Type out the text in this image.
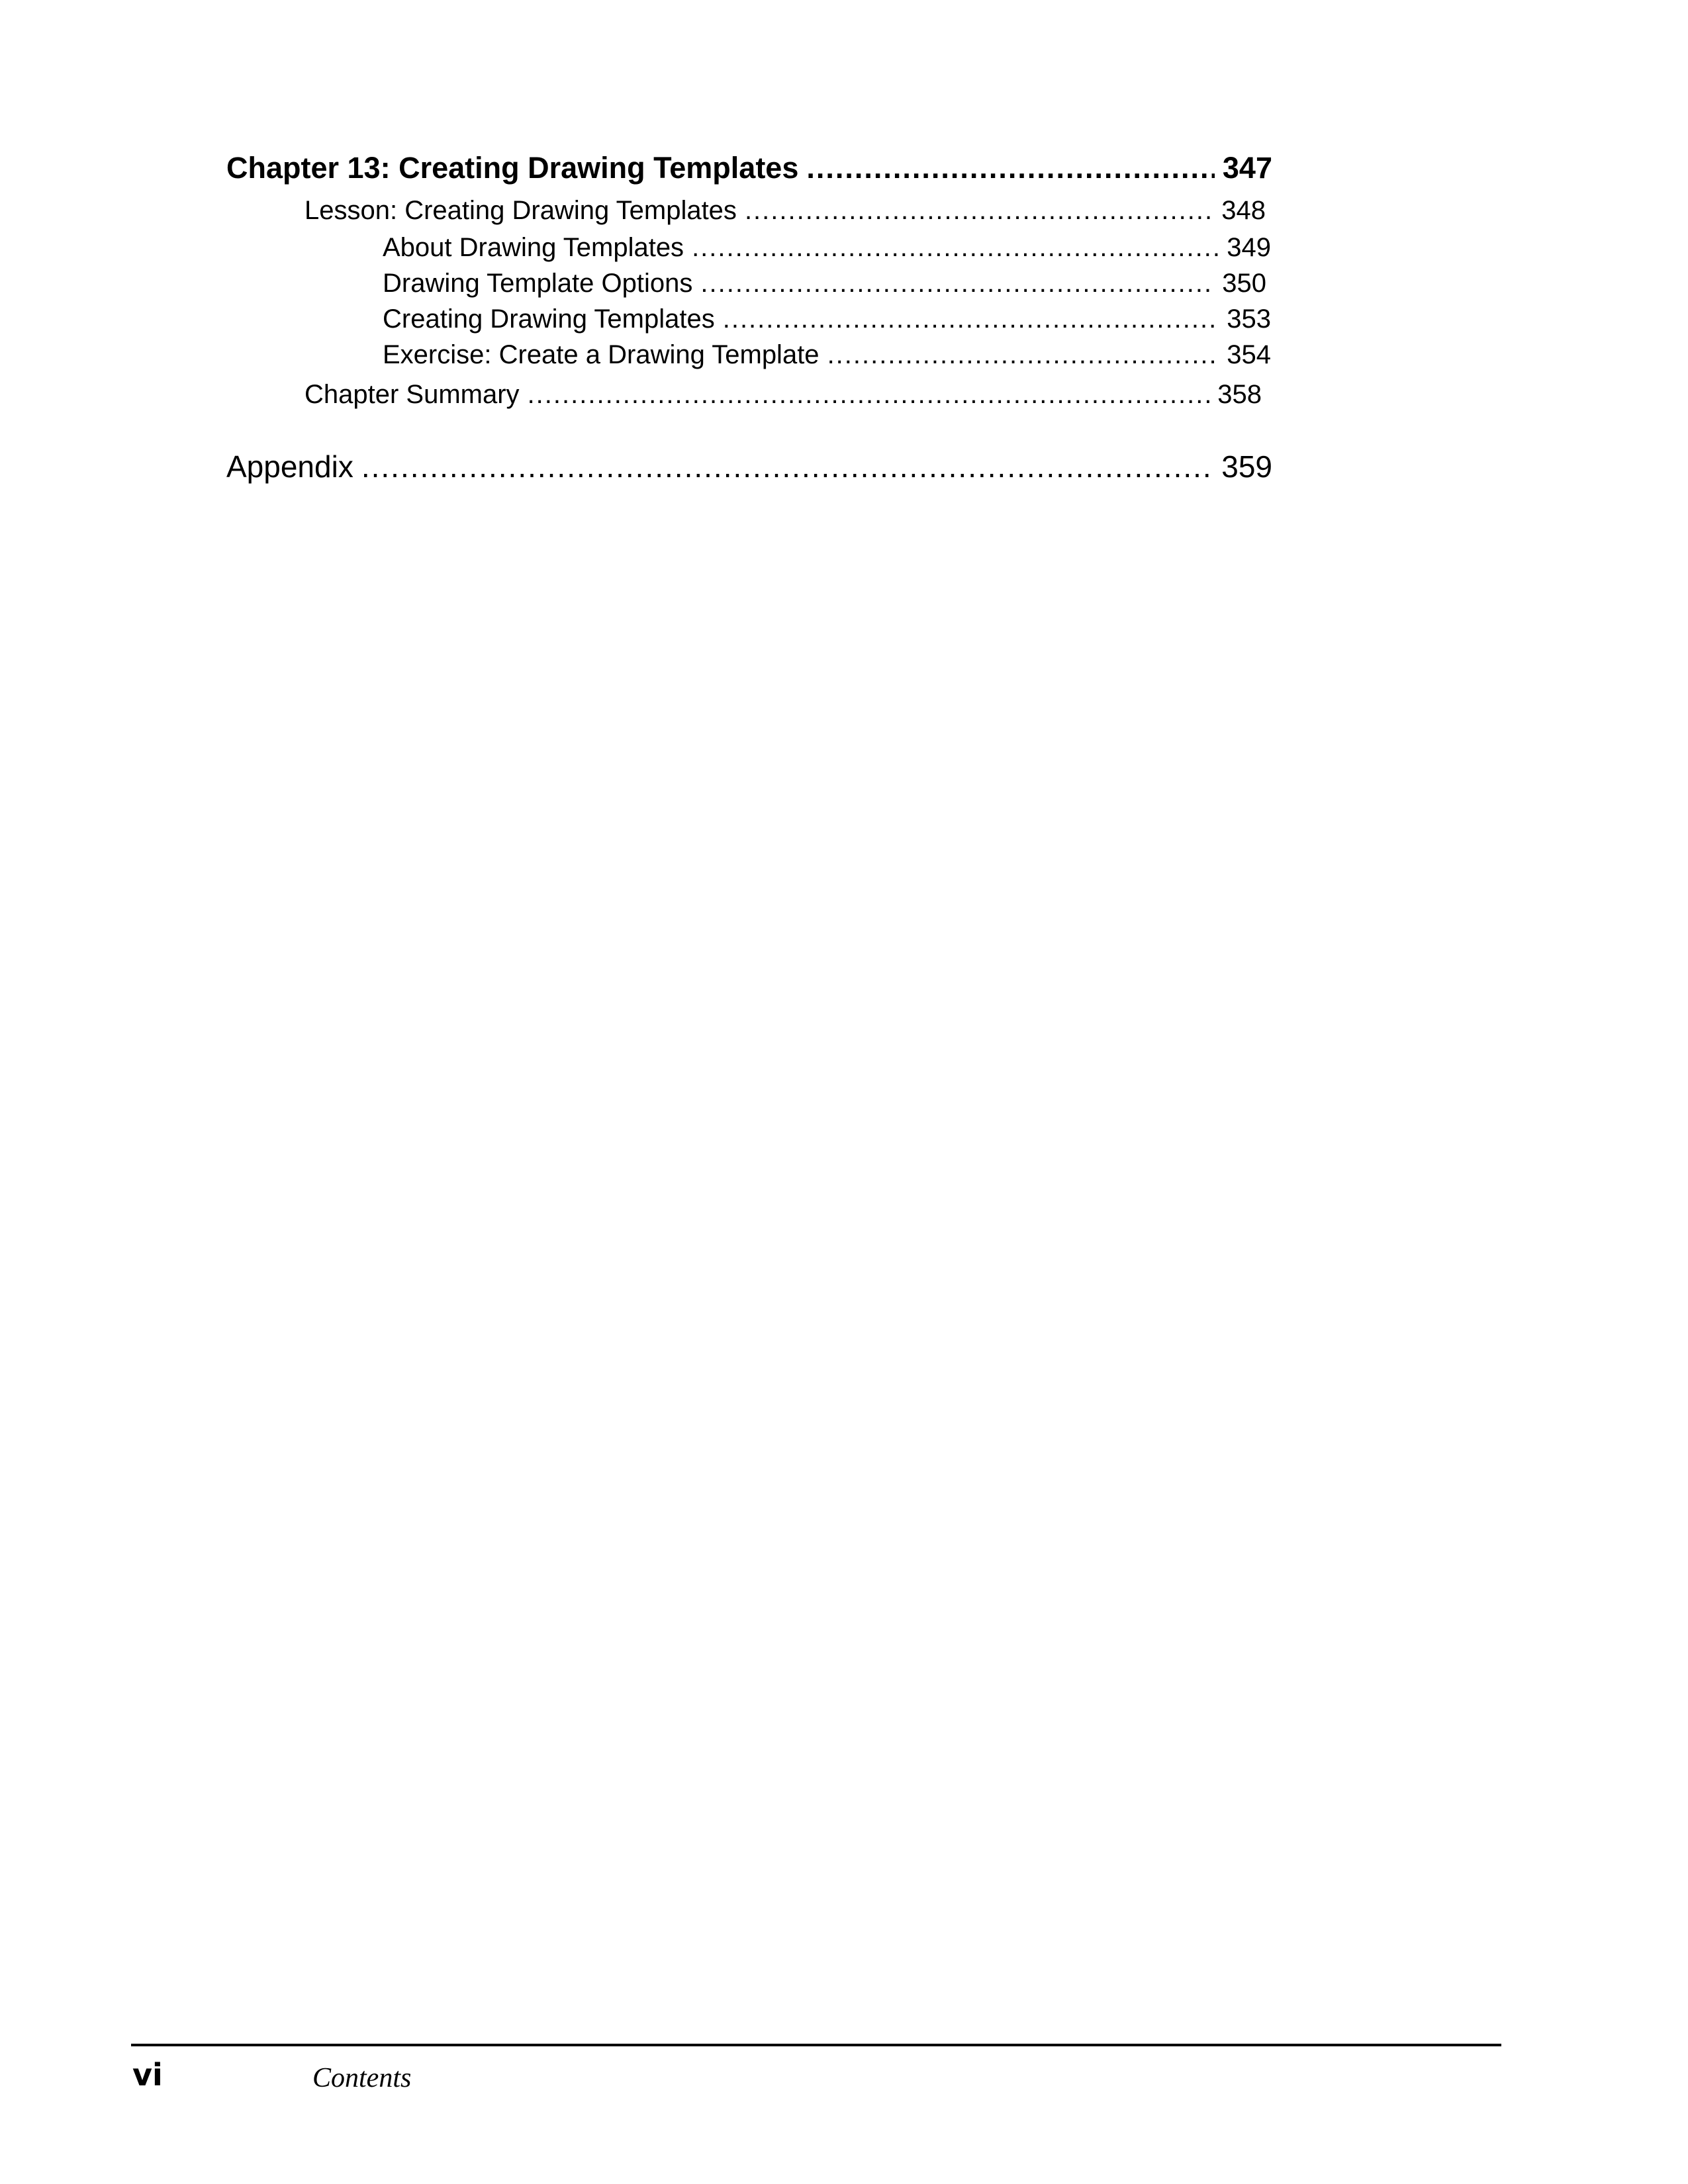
Chapter 13: Creating Drawing Templates .....	347
Lesson: Creating Drawing Templates .....	348
About Drawing Templates .....	349
Drawing Template Options .....	350
Creating Drawing Templates .....	353
Exercise: Create a Drawing Template .....	354
Chapter Summary .....	358
Appendix .....	359
vi	Contents
